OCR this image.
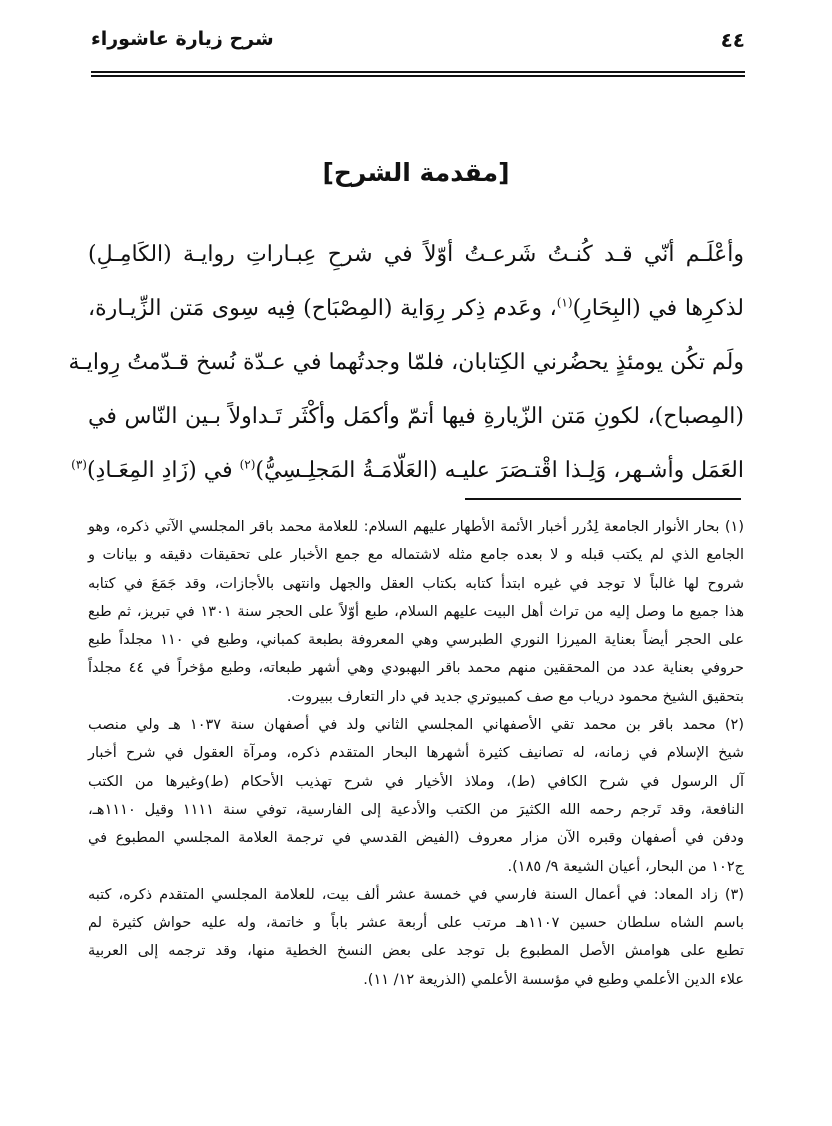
شرح زيارة عاشوراء	٤٤
[مقدمة الشرح]
وأعْلَـم أنّي قـد كُنـتُ شَرعـتُ أوّلاً في شرحِ عِبـاراتِ روايـة (الكَامِـلِ)
لذكرِها في (البِحَارِ)$^{(١)}$، وعَدم ذِكر رِوَاية (المِصْبَاح) فِيه سِوى مَتن الزِّيـارة،
ولَم تكُن يومئذٍ يحضُرني الكِتابان، فلمّا وجدتُهما في عـدّة نُسخ قـدّمتُ رِوايـة
(المِصباح)، لكونِ مَتن الزّيارةِ فيها أتمّ وأكمَل وأكْثَر تَـداولاً بـين النّاس في
العَمَل وأشـهر، وَلِـذا اقْتـصَرَ عليـه (العَلّامَـةُ المَجلِـسِيُّ)$^{(٢)}$ في (زَادِ المِعَـادِ)$^{(٣)}$
(١) بحار الأنوار الجامعة لِدُرر أخبار الأئمة الأطهار عليهم السلام: للعلامة محمد باقر المجلسي الآتي ذكره، وهو
الجامع الذي لم يكتب قبله و لا بعده جامع مثله لاشتماله مع جمع الأخبار على تحقيقات دقيقه و بيانات و
شروح لها غالباً لا توجد في غيره ابتدأ كتابه بكتاب العقل والجهل وانتهى بالأجازات، وقد جَمَعَ في كتابه
هذا جميع ما وصل إليه من تراث أهل البيت عليهم السلام، طبع أوّلاً على الحجر سنة ١٣٠١ في تبريز، ثم طبع
على الحجر أيضاً بعناية الميرزا النوري الطبرسي وهي المعروفة بطبعة كمباني، وطبع في ١١٠ مجلداً طبع
حروفي بعناية عدد من المحققين منهم محمد باقر البهبودي وهي أشهر طبعاته، وطبع مؤخراً في ٤٤ مجلداً
بتحقيق الشيخ محمود درياب مع صف كمبيوتري جديد في دار التعارف ببيروت.
(٢) محمد باقر بن محمد تقي الأصفهاني المجلسي الثاني ولد في أصفهان سنة ١٠٣٧ هـ ولي منصب
شيخ الإسلام في زمانه، له تصانيف كثيرة أشهرها البحار المتقدم ذكره، ومرآة العقول في شرح أخبار
آل الرسول في شرح الكافي (ط)، وملاذ الأخيار في شرح تهذيب الأحكام (ط)وغيرها من الكتب
النافعة، وقد تَرجم رحمه الله الكثيرَ من الكتب والأدعية إلى الفارسية، توفي سنة ١١١١ وقيل ١١١٠هـ،
ودفن في أصفهان وقبره الآن مزار معروف (الفيض القدسي في ترجمة العلامة المجلسي المطبوع في
ج١٠٢ من البحار، أعيان الشيعة ٩/ ١٨٥).
(٣) زاد المعاد: في أعمال السنة فارسي في خمسة عشر ألف بيت، للعلامة المجلسي المتقدم ذكره، كتبه
باسم الشاه سلطان حسين ١١٠٧هـ مرتب على أربعة عشر باباً و خاتمة، وله عليه حواش كثيرة لم
تطبع على هوامش الأصل المطبوع بل توجد على بعض النسخ الخطية منها، وقد ترجمه إلى العربية
علاء الدين الأعلمي وطبع في مؤسسة الأعلمي (الذريعة ١٢/ ١١).
